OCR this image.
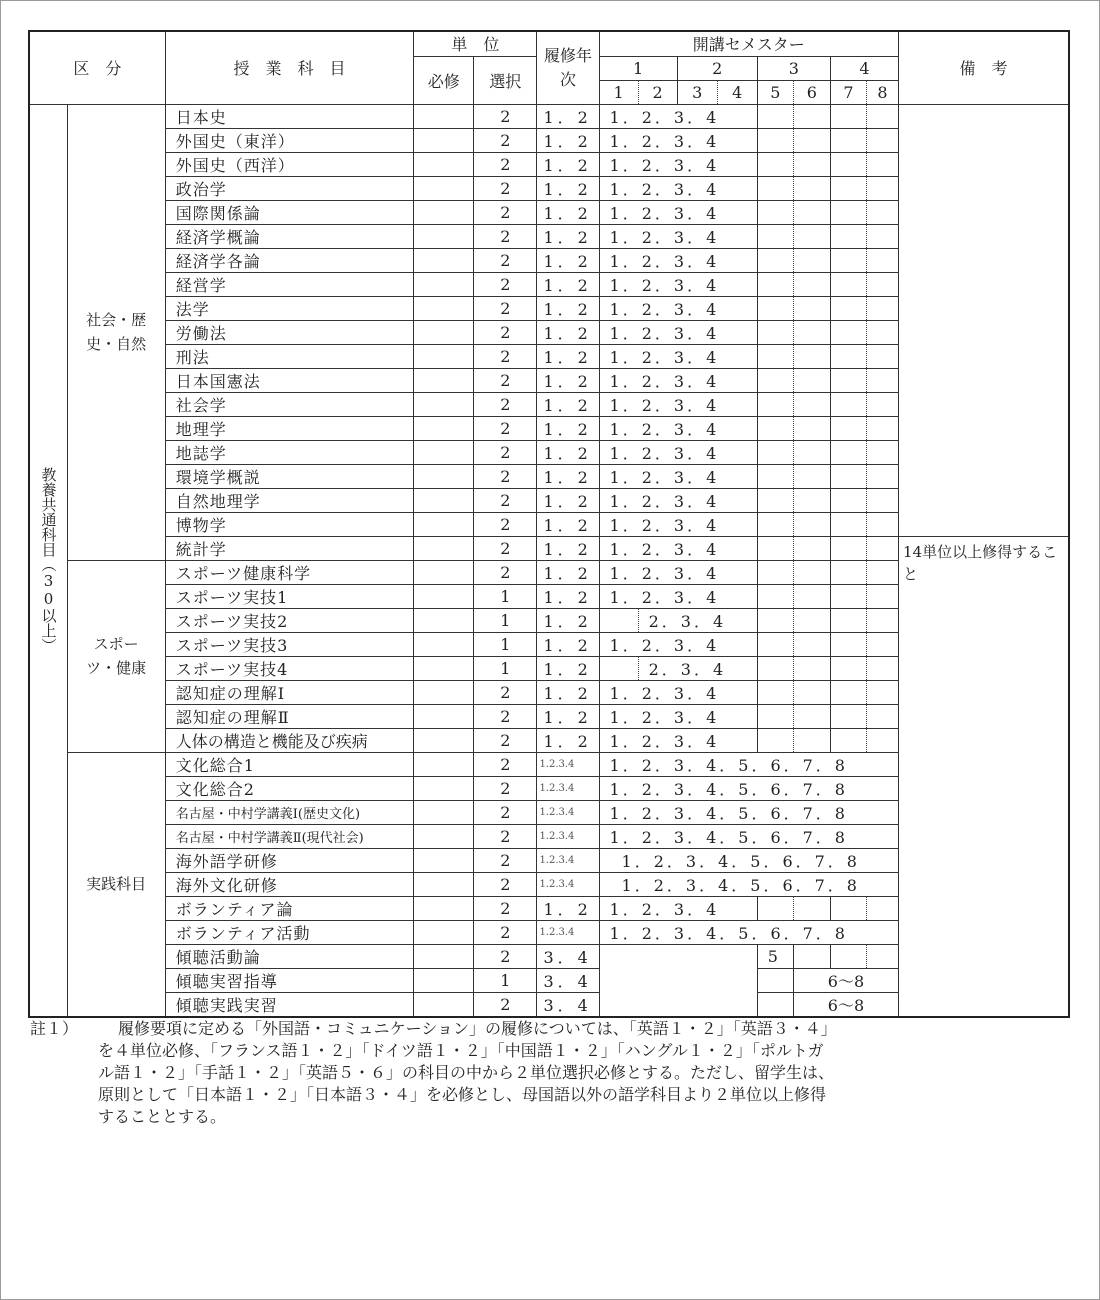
区　分		授　業　科　目	単　位		履修年次	開講セメスター								備　考
			必修	選択		1		2		3		4		
						1	2	3	4	5	6	7	8	

教養共通科目（30以上）	社会・歴史・自然	日本史		2	1．2	1．2．3．4								

外国史（東洋）		2	1．2	1．2．3．4								

外国史（西洋）		2	1．2	1．2．3．4								

政治学		2	1．2	1．2．3．4								

国際関係論		2	1．2	1．2．3．4								

経済学概論		2	1．2	1．2．3．4								

経済学各論		2	1．2	1．2．3．4								

経営学		2	1．2	1．2．3．4								

法学		2	1．2	1．2．3．4								

労働法		2	1．2	1．2．3．4								

刑法		2	1．2	1．2．3．4								

日本国憲法		2	1．2	1．2．3．4								

社会学		2	1．2	1．2．3．4								

地理学		2	1．2	1．2．3．4								

地誌学		2	1．2	1．2．3．4								

環境学概説		2	1．2	1．2．3．4								

自然地理学		2	1．2	1．2．3．4								

博物学		2	1．2	1．2．3．4								

統計学		2	1．2	1．2．3．4								14単位以上修得すること
	スポーツ・健康	スポーツ健康科学		2	1．2	1．2．3．4								

スポーツ実技1		1	1．2	1．2．3．4								

スポーツ実技2		1	1．2		2．3．4							

スポーツ実技3		1	1．2	1．2．3．4								

スポーツ実技4		1	1．2		2．3．4							

認知症の理解Ⅰ		2	1．2	1．2．3．4								

認知症の理解Ⅱ		2	1．2	1．2．3．4								

人体の構造と機能及び疾病		2	1．2	1．2．3．4								
	実践科目	文化総合1		2	1.2.3.4	1．2．3．4．5．6．7．8								

文化総合2		2	1.2.3.4	1．2．3．4．5．6．7．8								

名古屋・中村学講義Ⅰ(歴史文化)		2	1.2.3.4	1．2．3．4．5．6．7．8								

名古屋・中村学講義Ⅱ(現代社会)		2	1.2.3.4	1．2．3．4．5．6．7．8								

海外語学研修		2	1.2.3.4	1．2．3．4．5．6．7．8								

海外文化研修		2	1.2.3.4	1．2．3．4．5．6．7．8								

ボランティア論		2	1．2	1．2．3．4								

ボランティア活動		2	1.2.3.4	1．2．3．4．5．6．7．8								

傾聴活動論		2	3．4					5				

傾聴実習指導		1	3．4						6～8			

傾聴実践実習		2	3．4						6～8			
註１）	履修要項に定める「外国語・コミュニケーション」の履修については、「英語１・２」「英語３・４」
を４単位必修、「フランス語１・２」「ドイツ語１・２」「中国語１・２」「ハングル１・２」「ポルトガ
ル語１・２」「手話１・２」「英語５・６」の科目の中から２単位選択必修とする。ただし、留学生は、
原則として「日本語１・２」「日本語３・４」を必修とし、母国語以外の語学科目より２単位以上修得
することとする。
